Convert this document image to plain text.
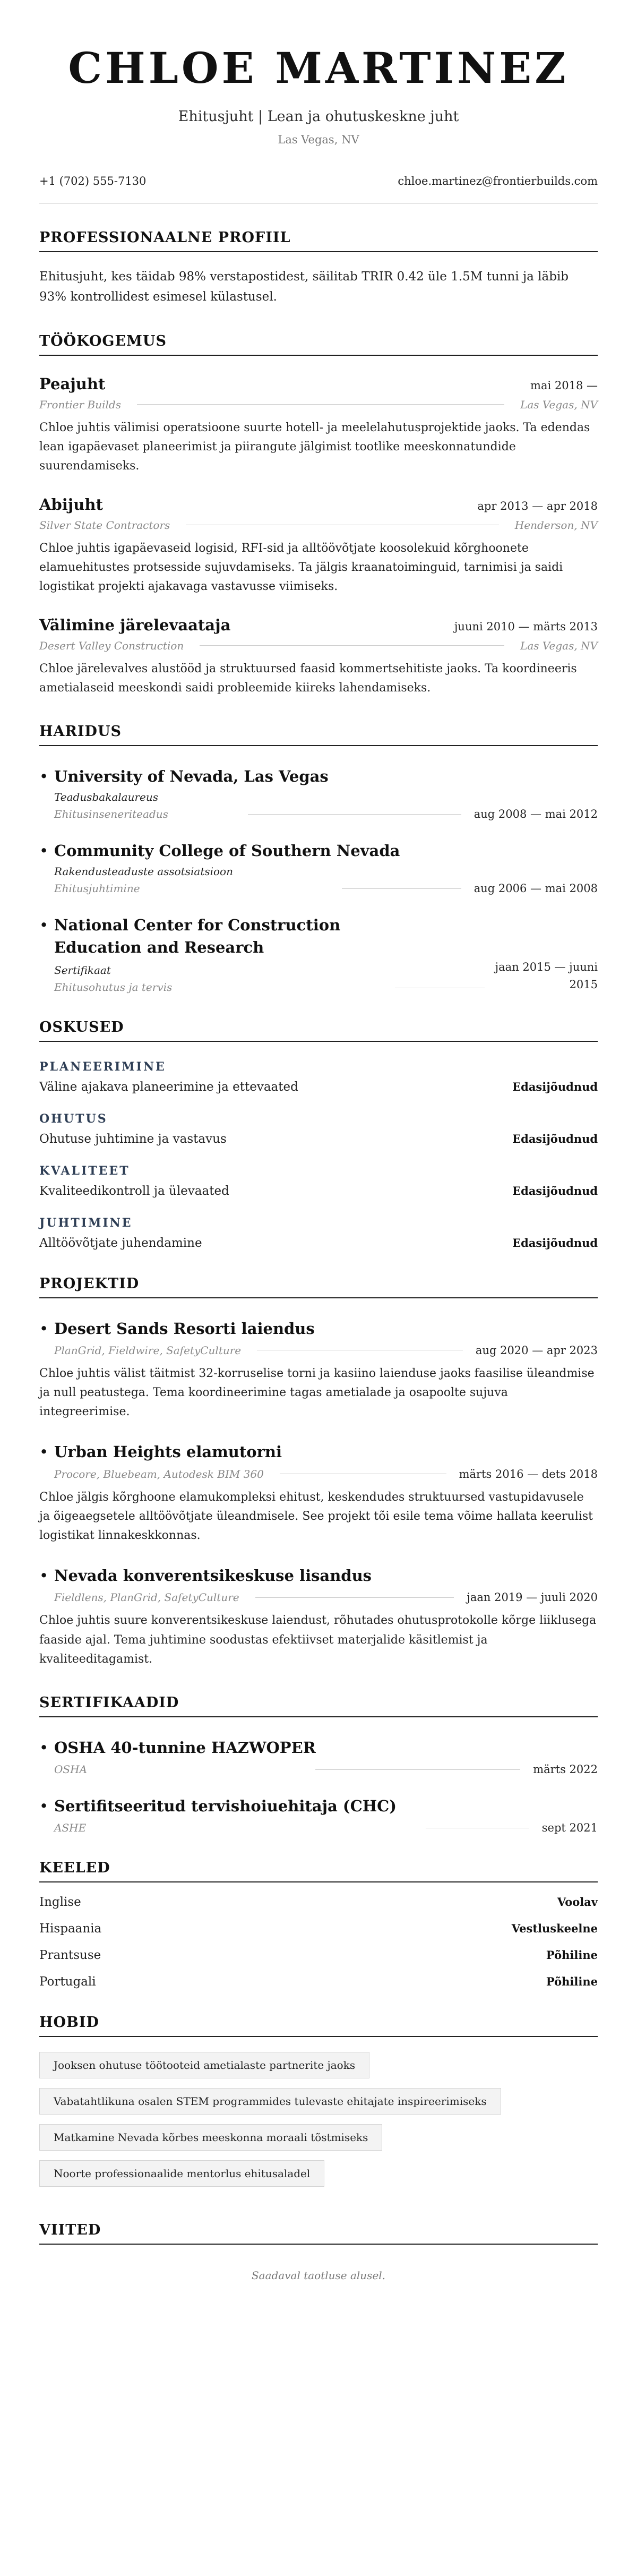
CHLOE MARTINEZ
Ehitusjuht | Lean ja ohutuskeskne juht
Las Vegas, NV
+1 (702) 555-7130	chloe.martinez@frontierbuilds.com
PROFESSIONAALNE PROFIIL
Ehitusjuht, kes täidab 98% verstapostidest, säilitab TRIR 0.42 üle 1.5M tunni ja läbib 93% kontrollidest esimesel külastusel.
TÖÖKOGEMUS
Peajuht	mai 2018 —
Frontier Builds	Las Vegas, NV
Chloe juhtis välimisi operatsioone suurte hotell- ja meelelahutusprojektide jaoks. Ta edendas lean igapäevaset planeerimist ja piirangute jälgimist tootlike meeskonnatundide suurendamiseks.
Abijuht	apr 2013 — apr 2018
Silver State Contractors	Henderson, NV
Chloe juhtis igapäevaseid logisid, RFI-sid ja alltöövõtjate koosolekuid kõrghoonete elamuehitustes protsesside sujuvdamiseks. Ta jälgis kraanatoiminguid, tarnimisi ja saidi logistikat projekti ajakavaga vastavusse viimiseks.
Välimine järelevaataja	juuni 2010 — märts 2013
Desert Valley Construction	Las Vegas, NV
Chloe järelevalves alustööd ja struktuursed faasid kommertsehitiste jaoks. Ta koordineeris ametialaseid meeskondi saidi probleemide kiireks lahendamiseks.
HARIDUS
• University of Nevada, Las Vegas
Teadusbakalaureus
Ehitusinseneriteadus	aug 2008 — mai 2012
• Community College of Southern Nevada
Rakendusteaduste assotsiatsioon
Ehitusjuhtimine	aug 2006 — mai 2008
• National Center for Construction Education and Research
Sertifikaat
Ehitusohutus ja tervis
jaan 2015 — juuni
2015
OSKUSED
PLANEERIMINE
Väline ajakava planeerimine ja ettevaated	Edasijõudnud
OHUTUS
Ohutuse juhtimine ja vastavus	Edasijõudnud
KVALITEET
Kvaliteedikontroll ja ülevaated	Edasijõudnud
JUHTIMINE
Alltöövõtjate juhendamine	Edasijõudnud
PROJEKTID
• Desert Sands Resorti laiendus
PlanGrid, Fieldwire, SafetyCulture	aug 2020 — apr 2023
Chloe juhtis välist täitmist 32-korruselise torni ja kasiino laienduse jaoks faasilise üleandmise ja null peatustega. Tema koordineerimine tagas ametialade ja osapoolte sujuva integreerimise.
• Urban Heights elamutorni
Procore, Bluebeam, Autodesk BIM 360	märts 2016 — dets 2018
Chloe jälgis kõrghoone elamukompleksi ehitust, keskendudes struktuursed vastupidavusele ja õigeaegsetele alltöövõtjate üleandmisele. See projekt tõi esile tema võime hallata keerulist logistikat linnakeskkonnas.
• Nevada konverentsikeskuse lisandus
Fieldlens, PlanGrid, SafetyCulture	jaan 2019 — juuli 2020
Chloe juhtis suure konverentsikeskuse laiendust, rõhutades ohutusprotokolle kõrge liiklusega faaside ajal. Tema juhtimine soodustas efektiivset materjalide käsitlemist ja kvaliteeditagamist.
SERTIFIKAADID
• OSHA 40-tunnine HAZWOPER
OSHA	märts 2022
• Sertifitseeritud tervishoiuehitaja (CHC)
ASHE	sept 2021
KEELED
Inglise	Voolav
Hispaania	Vestluskeelne
Prantsuse	Põhiline
Portugali	Põhiline
HOBID
Jooksen ohutuse töötooteid ametialaste partnerite jaoks
Vabatahtlikuna osalen STEM programmides tulevaste ehitajate inspireerimiseks
Matkamine Nevada kõrbes meeskonna moraali tõstmiseks
Noorte professionaalide mentorlus ehitusaladel
VIITED
Saadaval taotluse alusel.
